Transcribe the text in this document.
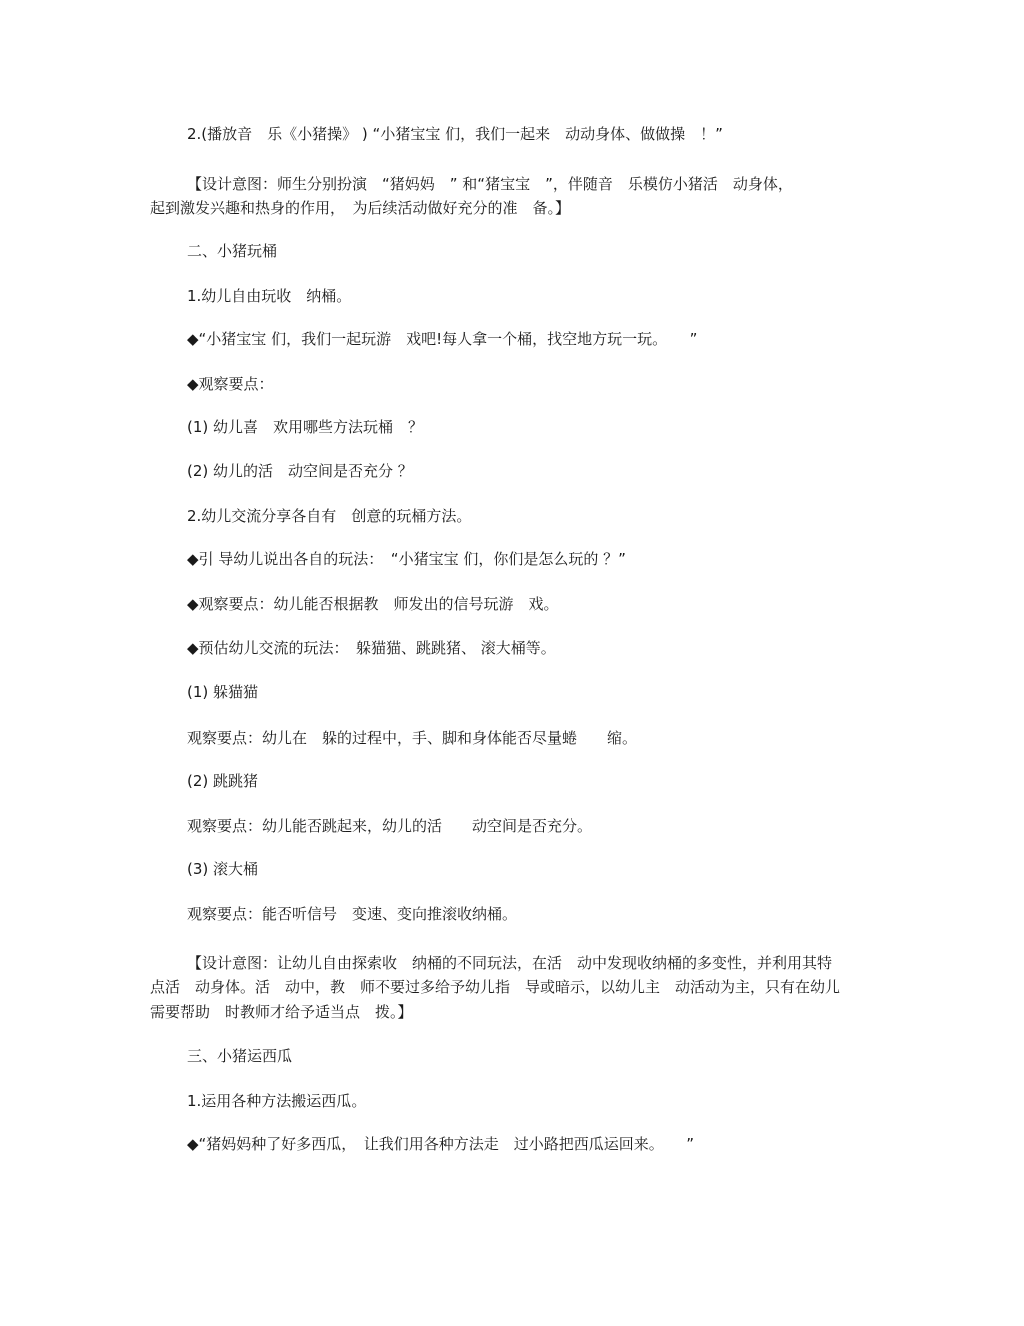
2.(播放音　乐《小猪操》 ) “小猪宝宝 们，我们一起来　动动身体、做做操　！”

【设计意图：师生分别扮演　“猪妈妈　” 和“猪宝宝　”，伴随音　乐模仿小猪活　动身体，

起到激发兴趣和热身的作用，　为后续活动做好充分的准　备。】

二、小猪玩桶

1.幼儿自由玩收　纳桶。

◆“小猪宝宝 们，我们一起玩游　戏吧!每人拿一个桶，找空地方玩一玩。　　”

◆观察要点：

(1) 幼儿喜　欢用哪些方法玩桶　？

(2) 幼儿的活　动空间是否充分 ？

2.幼儿交流分享各自有　创意的玩桶方法。

◆引 导幼儿说出各自的玩法：　“小猪宝宝 们，你们是怎么玩的 ？”

◆观察要点：幼儿能否根据教　师发出的信号玩游　戏。

◆预估幼儿交流的玩法：　躲猫猫、跳跳猪、 滚大桶等。

(1) 躲猫猫

观察要点：幼儿在　躲的过程中，手、脚和身体能否尽量蜷　　缩。

(2) 跳跳猪

观察要点：幼儿能否跳起来，幼儿的活　　动空间是否充分。

(3) 滚大桶

观察要点：能否听信号　变速、变向推滚收纳桶。

【设计意图：让幼儿自由探索收　纳桶的不同玩法，在活　动中发现收纳桶的多变性，并利用其特

点活　动身体。活　动中，教　师不要过多给予幼儿指　导或暗示，以幼儿主　动活动为主，只有在幼儿

需要帮助　时教师才给予适当点　拨。】

三、小猪运西瓜

1.运用各种方法搬运西瓜。

◆“猪妈妈种了好多西瓜，　让我们用各种方法走　过小路把西瓜运回来。　　”
